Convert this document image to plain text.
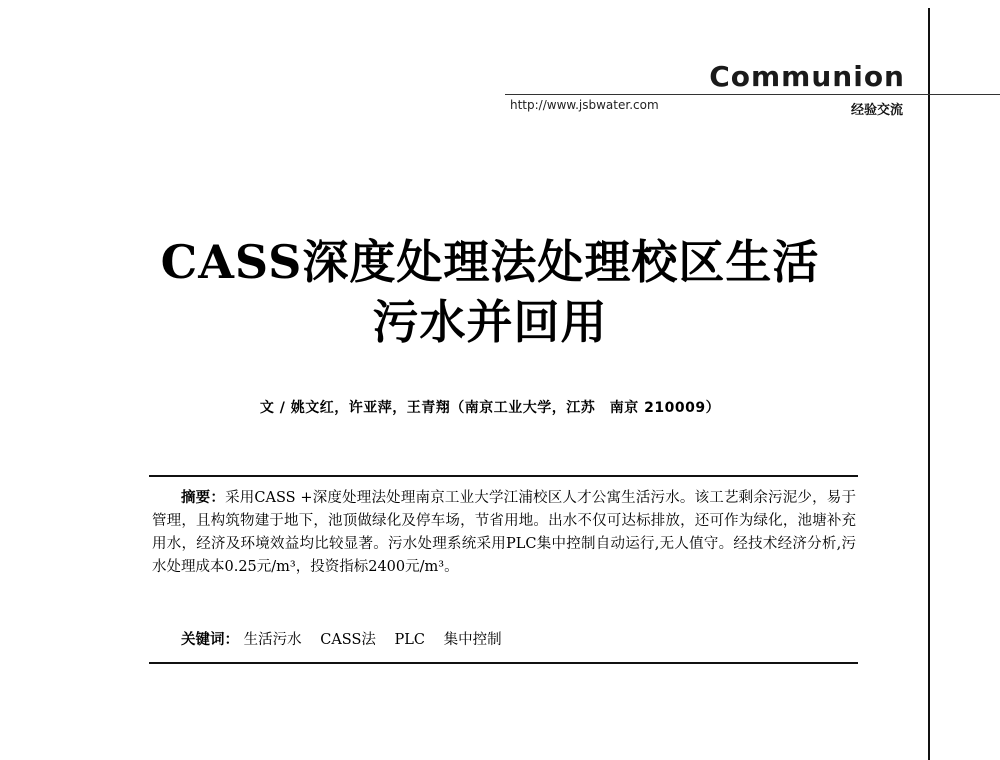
Communion
http://www.jsbwater.com	经验交流
CASS深度处理法处理校区生活
污水并回用
文 / 姚文红，许亚萍，王青翔（南京工业大学，江苏　南京 210009）
摘要：采用CASS +深度处理法处理南京工业大学江浦校区人才公寓生活污水。该工艺剩余污泥少，易于管理，且构筑物建于地下，池顶做绿化及停车场，节省用地。出水不仅可达标排放，还可作为绿化，池塘补充用水，经济及环境效益均比较显著。污水处理系统采用PLC集中控制自动运行,无人值守。经技术经济分析,污水处理成本0.25元/m³，投资指标2400元/m³。
关键词： 生活污水 CASS法 PLC 集中控制
